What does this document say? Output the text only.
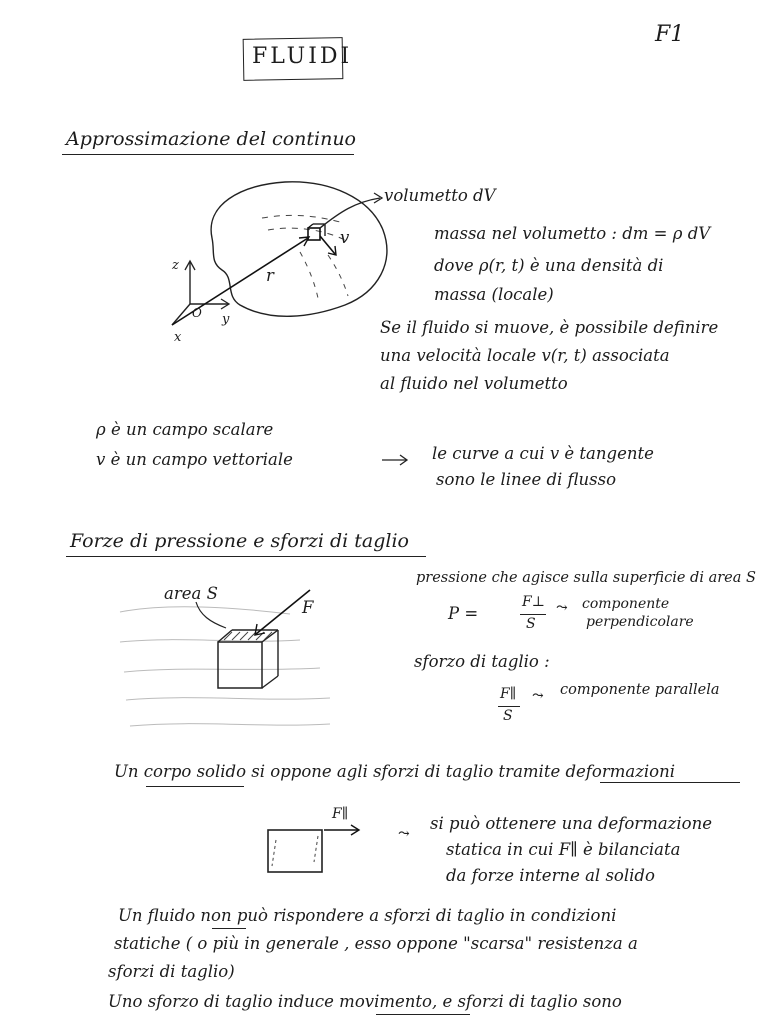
F1
FLUIDI
Approssimazione del continuo
volumetto dV
v
r
z
y
x
O
massa nel volumetto : dm = ρ dV
dove ρ(r, t) è una densità di
massa (locale)
Se il fluido si muove, è possibile definire
una velocità locale v(r, t) associata
al fluido nel volumetto
ρ è un campo scalare
v è un campo vettoriale	le curve a cui v è tangente
sono le linee di flusso
Forze di pressione e sforzi di taglio
area S
F
pressione che agisce sulla superficie di area S
P =
F⊥
S
⤳ componente
perpendicolare
sforzo di taglio :
F∥
S
⤳ componente parallela
Un corpo solido si oppone agli sforzi di taglio tramite deformazioni
F∥
⤳
si può ottenere una deformazione
statica in cui F∥ è bilanciata
da forze interne al solido
Un fluido non può rispondere a sforzi di taglio in condizioni
statiche ( o più in generale , esso oppone "scarsa" resistenza a
sforzi di taglio)
Uno sforzo di taglio induce movimento, e sforzi di taglio sono
